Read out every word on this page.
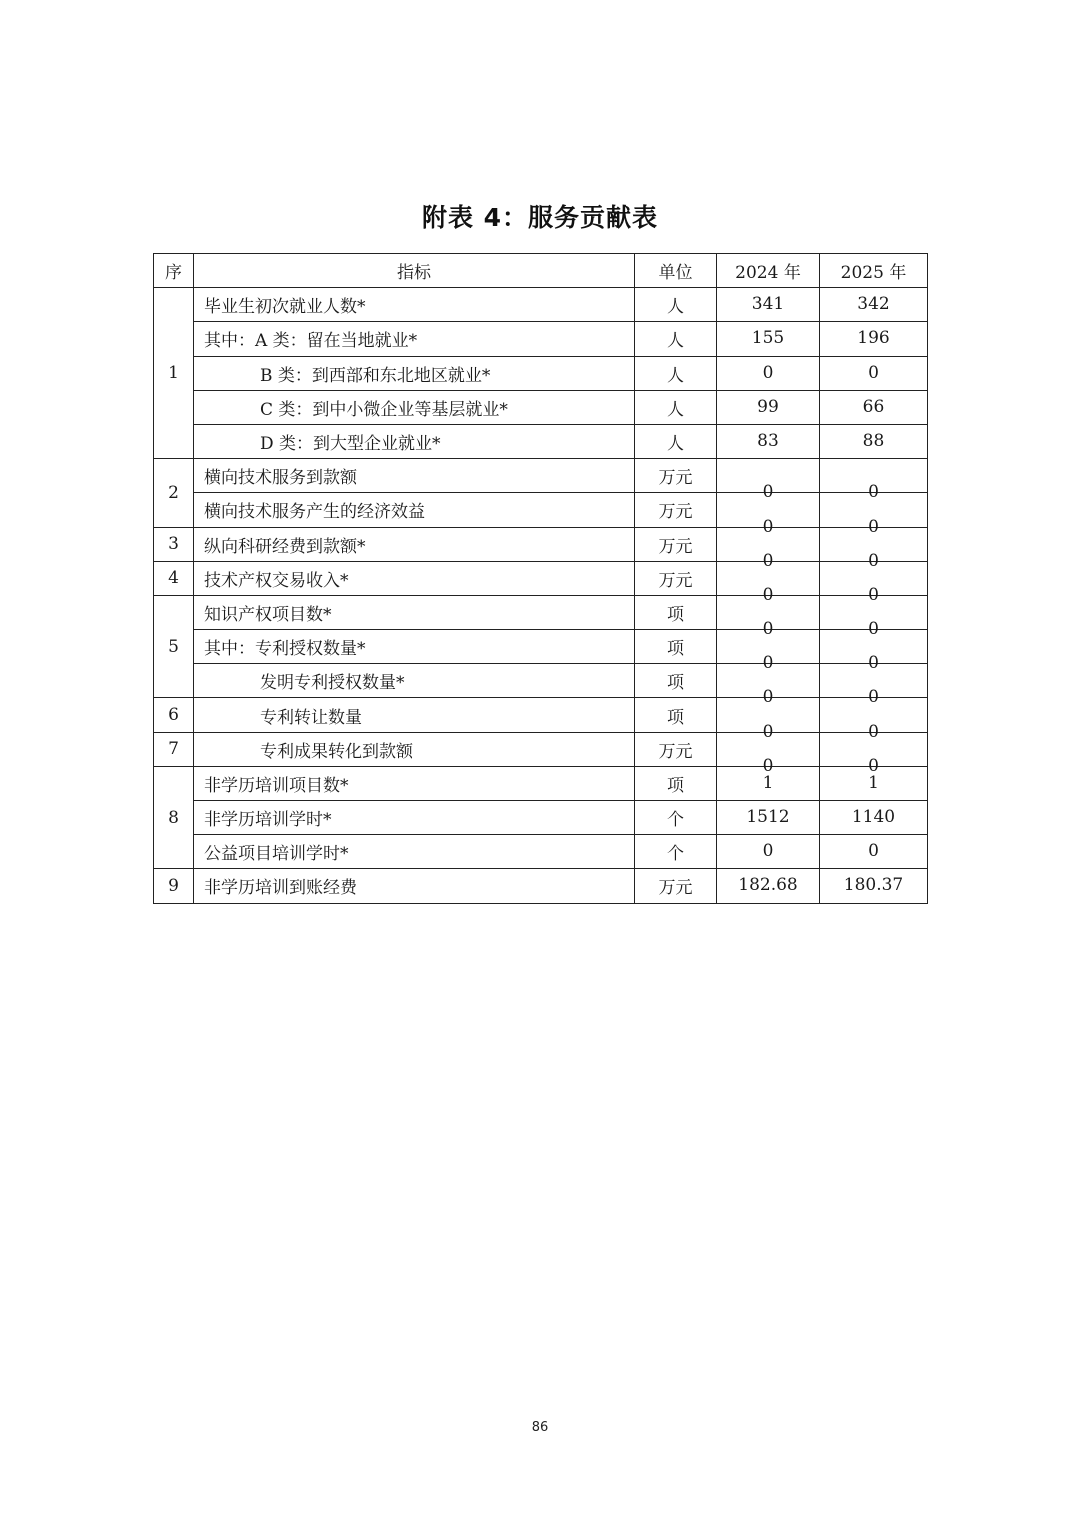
附表 4：服务贡献表
序	指标	单位	2024 年	2025 年
1	毕业生初次就业人数*	人	341	342
	其中：A 类：留在当地就业*	人	155	196
	B 类：到西部和东北地区就业*	人	0	0
	C 类：到中小微企业等基层就业*	人	99	66
	D 类：到大型企业就业*	人	83	88
2	横向技术服务到款额	万元	0	0
	横向技术服务产生的经济效益	万元	0	0
3	纵向科研经费到款额*	万元	0	0
4	技术产权交易收入*	万元	0	0
5	知识产权项目数*	项	0	0
	其中：专利授权数量*	项	0	0
	发明专利授权数量*	项	0	0
6	专利转让数量	项	0	0
7	专利成果转化到款额	万元	0	0
8	非学历培训项目数*	项	1	1
	非学历培训学时*	个	1512	1140
	公益项目培训学时*	个	0	0
9	非学历培训到账经费	万元	182.68	180.37
86
